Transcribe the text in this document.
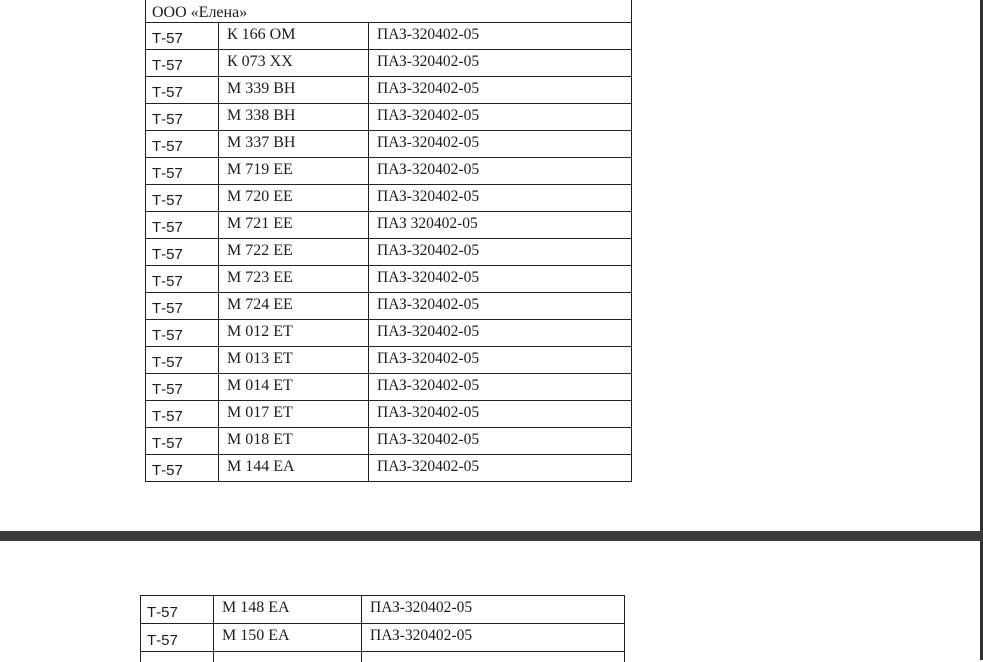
ООО «Елена»		

Т-57	К 166 ОМ	ПАЗ-320402-05

Т-57	К 073 ХХ	ПАЗ-320402-05

Т-57	М 339 ВН	ПАЗ-320402-05

Т-57	М 338 ВН	ПАЗ-320402-05

Т-57	М 337 ВН	ПАЗ-320402-05

Т-57	М 719 ЕЕ	ПАЗ-320402-05

Т-57	М 720 ЕЕ	ПАЗ-320402-05

Т-57	М 721 ЕЕ	ПАЗ 320402-05

Т-57	М 722 ЕЕ	ПАЗ-320402-05

Т-57	М 723 ЕЕ	ПАЗ-320402-05

Т-57	М 724 ЕЕ	ПАЗ-320402-05

Т-57	М 012 ЕТ	ПАЗ-320402-05

Т-57	М 013 ЕТ	ПАЗ-320402-05

Т-57	М 014 ЕТ	ПАЗ-320402-05

Т-57	М 017 ЕТ	ПАЗ-320402-05

Т-57	М 018 ЕТ	ПАЗ-320402-05

Т-57	М 144 ЕА	ПАЗ-320402-05
Т-57	М 148 ЕА	ПАЗ-320402-05

Т-57	М 150 ЕА	ПАЗ-320402-05
